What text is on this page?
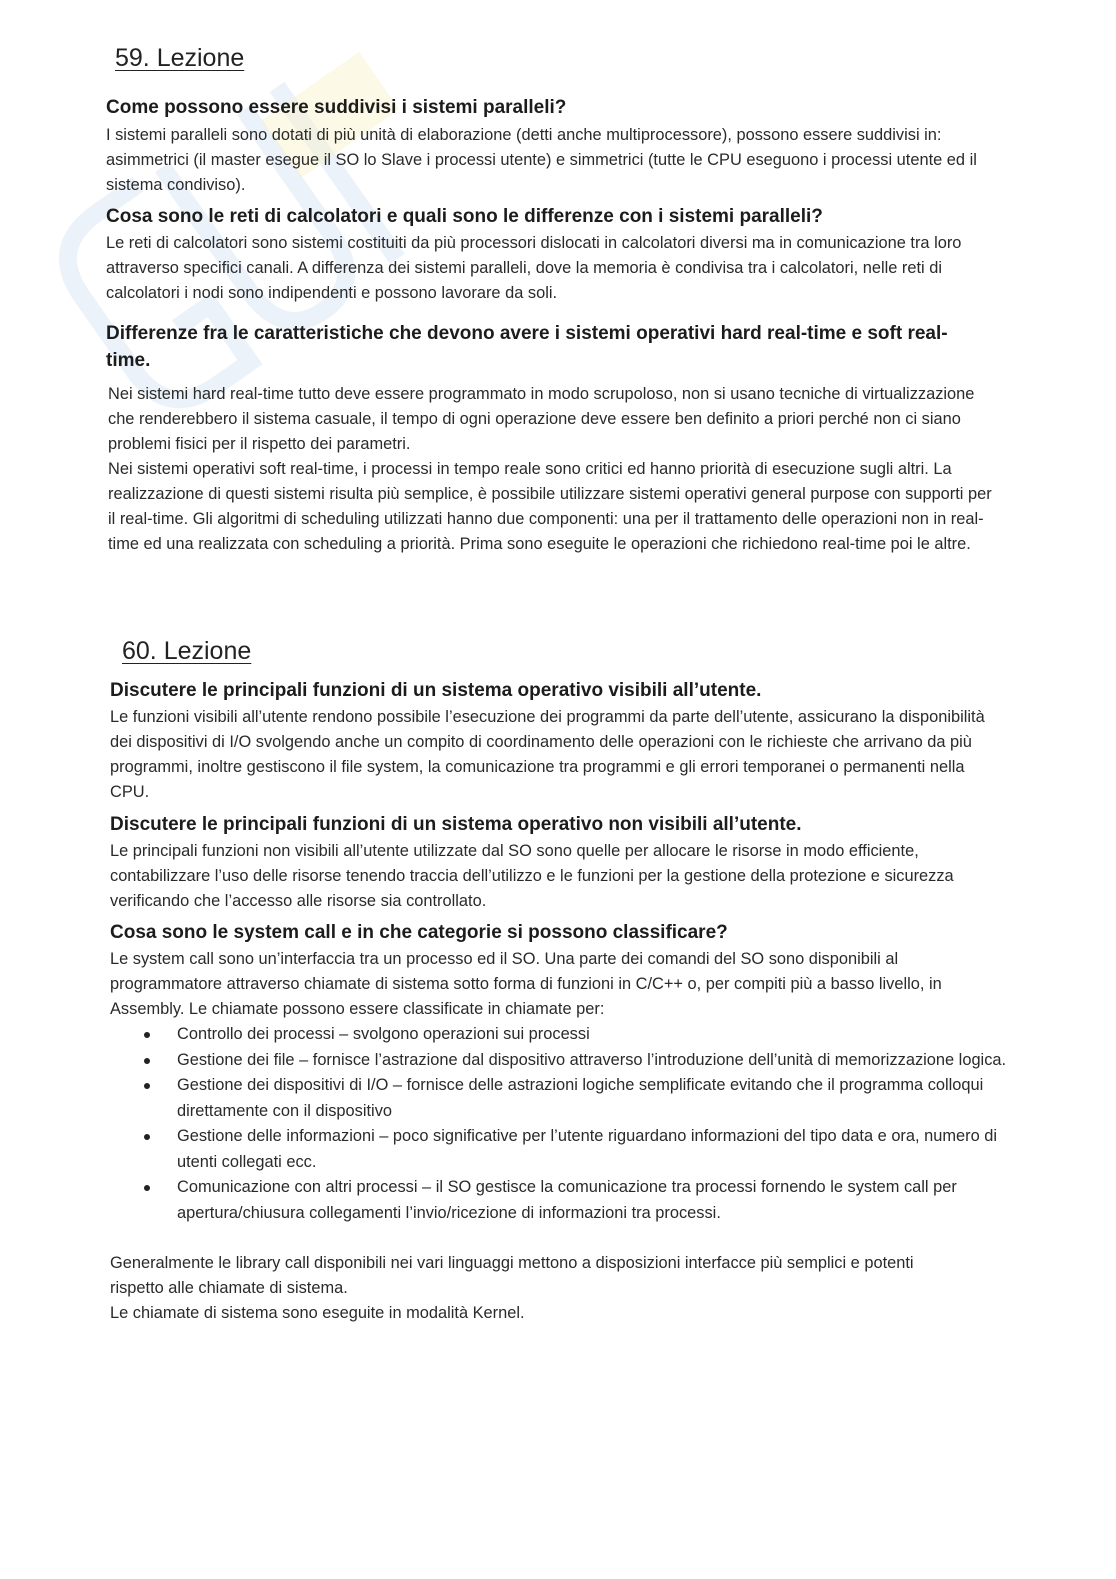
59. Lezione

Come possono essere suddivisi i sistemi paralleli?

I sistemi paralleli sono dotati di più unità di elaborazione (detti anche multiprocessore), possono essere suddivisi in: asimmetrici (il master esegue il SO lo Slave i processi utente) e simmetrici (tutte le CPU eseguono i processi utente ed il sistema condiviso).

Cosa sono le reti di calcolatori e quali sono le differenze con i sistemi paralleli?

Le reti di calcolatori sono sistemi costituiti da più processori dislocati in calcolatori diversi ma in comunicazione tra loro attraverso specifici canali. A differenza dei sistemi paralleli, dove la memoria è condivisa tra i calcolatori, nelle reti di calcolatori i nodi sono indipendenti e possono lavorare da soli.

Differenze fra le caratteristiche che devono avere i sistemi operativi hard real-time e soft real-time.

Nei sistemi hard real-time tutto deve essere programmato in modo scrupoloso, non si usano tecniche di virtualizzazione che renderebbero il sistema casuale, il tempo di ogni operazione deve essere ben definito a priori perché non ci siano problemi fisici per il rispetto dei parametri.

Nei sistemi operativi soft real-time, i processi in tempo reale sono critici ed hanno priorità di esecuzione sugli altri. La realizzazione di questi sistemi risulta più semplice, è possibile utilizzare sistemi operativi general purpose con supporti per il real-time. Gli algoritmi di scheduling utilizzati hanno due componenti: una per il trattamento delle operazioni non in real-time ed una realizzata con scheduling a priorità. Prima sono eseguite le operazioni che richiedono real-time poi le altre.

60. Lezione

Discutere le principali funzioni di un sistema operativo visibili all’utente.

Le funzioni visibili all’utente rendono possibile l’esecuzione dei programmi da parte dell’utente, assicurano la disponibilità dei dispositivi di I/O svolgendo anche un compito di coordinamento delle operazioni con le richieste che arrivano da più programmi, inoltre gestiscono il file system, la comunicazione tra programmi e gli errori temporanei o permanenti nella CPU.

Discutere le principali funzioni di un sistema operativo non visibili all’utente.

Le principali funzioni non visibili all’utente utilizzate dal SO sono quelle per allocare le risorse in modo efficiente, contabilizzare l’uso delle risorse tenendo traccia dell’utilizzo e le funzioni per la gestione della protezione e sicurezza verificando che l’accesso alle risorse sia controllato.

Cosa sono le system call e in che categorie si possono classificare?

Le system call sono un’interfaccia tra un processo ed il SO. Una parte dei comandi del SO sono disponibili al programmatore attraverso chiamate di sistema sotto forma di funzioni in C/C++ o, per compiti più a basso livello, in Assembly. Le chiamate possono essere classificate in chiamate per:

Controllo dei processi – svolgono operazioni sui processi
Gestione dei file – fornisce l’astrazione dal dispositivo attraverso l’introduzione dell’unità di memorizzazione logica.
Gestione dei dispositivi di I/O – fornisce delle astrazioni logiche semplificate evitando che il programma colloqui direttamente con il dispositivo
Gestione delle informazioni – poco significative per l’utente riguardano informazioni del tipo data e ora, numero di utenti collegati ecc.
Comunicazione con altri processi – il SO gestisce la comunicazione tra processi fornendo le system call per apertura/chiusura collegamenti l’invio/ricezione di informazioni tra processi.

Generalmente le library call disponibili nei vari linguaggi mettono a disposizioni interfacce più semplici e potenti rispetto alle chiamate di sistema.

Le chiamate di sistema sono eseguite in modalità Kernel.
